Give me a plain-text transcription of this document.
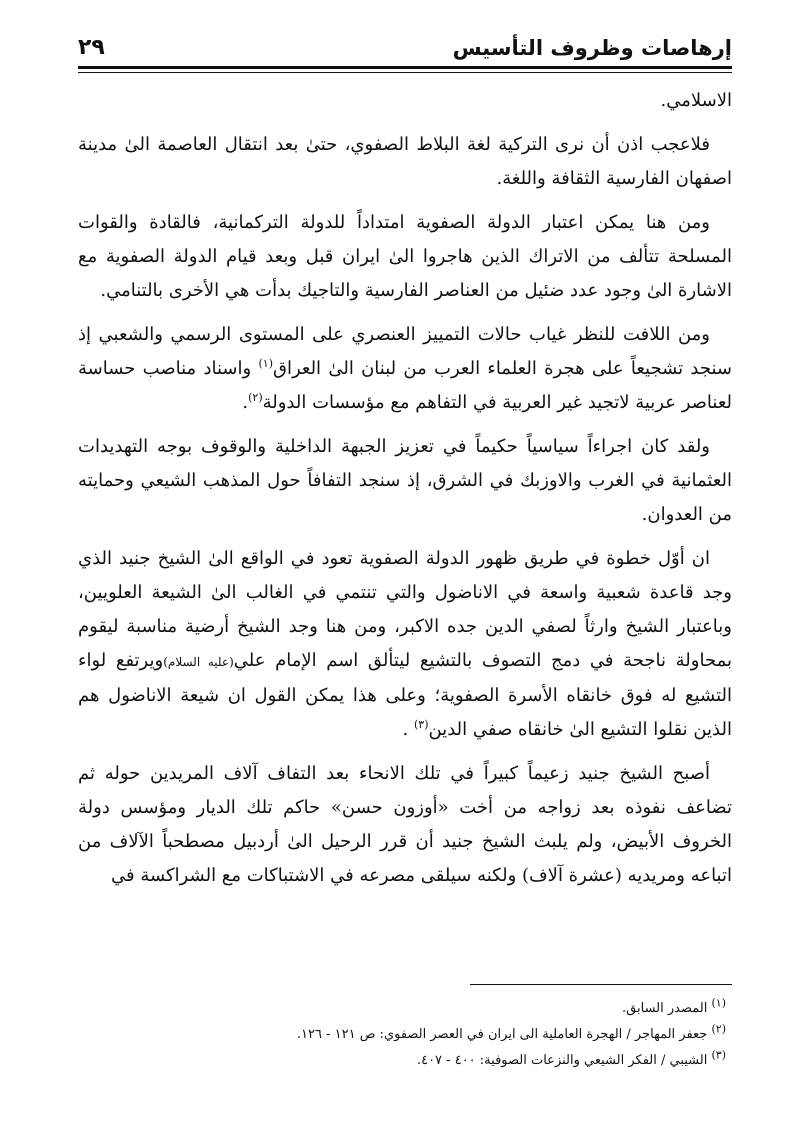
إرهاصات وظروف التأسيس
٢٩

الاسلامي.

فلاعجب اذن أن نرى التركية لغة البلاط الصفوي، حتىٰ بعد انتقال العاصمة الىٰ مدينة اصفهان الفارسية الثقافة واللغة.

ومن هنا يمكن اعتبار الدولة الصفوية امتداداً للدولة التركمانية، فالقادة والقوات المسلحة تتألف من الاتراك الذين هاجروا الىٰ ايران قبل وبعد قيام الدولة الصفوية مع الاشارة الىٰ وجود عدد ضئيل من العناصر الفارسية والتاجيك بدأت هي الأخرى بالتنامي.

ومن اللافت للنظر غياب حالات التمييز العنصري على المستوى الرسمي والشعبي إذ سنجد تشجيعاً على هجرة العلماء العرب من لبنان الىٰ العراق$^{(١)}$ واسناد مناصب حساسة لعناصر عربية لاتجيد غير العربية في التفاهم مع مؤسسات الدولة$^{(٢)}$.

ولقد كان اجراءاً سياسياً حكيماً في تعزيز الجبهة الداخلية والوقوف بوجه التهديدات العثمانية في الغرب والاوزبك في الشرق، إذ سنجد التفافاً حول المذهب الشيعي وحمايته من العدوان.

ان أوّل خطوة في طريق ظهور الدولة الصفوية تعود في الواقع الىٰ الشيخ جنيد الذي وجد قاعدة شعبية واسعة في الاناضول والتي تنتمي في الغالب الىٰ الشيعة العلويين، وباعتبار الشيخ وارثاً لصفي الدين جده الاكبر، ومن هنا وجد الشيخ أرضية مناسبة ليقوم بمحاولة ناجحة في دمج التصوف بالتشيع ليتألق اسم الإمام علي(عليه السلام)ويرتفع لواء التشيع له فوق خانقاه الأسرة الصفوية؛ وعلى هذا يمكن القول ان شيعة الاناضول هم الذين نقلوا التشيع الىٰ خانقاه صفي الدين$^{(٣)}$ .

أصبح الشيخ جنيد زعيماً كبيراً في تلك الانحاء بعد التفاف آلاف المريدين حوله ثم تضاعف نفوذه بعد زواجه من أخت «أوزون حسن» حاكم تلك الديار ومؤسس دولة الخروف الأبيض، ولم يلبث الشيخ جنيد أن قرر الرحيل الىٰ أردبيل مصطحباً الآلاف من اتباعه ومريديه (عشرة آلاف) ولكنه سيلقى مصرعه في الاشتباكات مع الشراكسة في

$^{(١)}$ المصدر السابق.

$^{(٢)}$ جعفر المهاجر / الهجرة العاملية الى ايران في العصر الصفوي: ص ١٢١ - ١٢٦.

$^{(٣)}$ الشيبي / الفكر الشيعي والنزعات الصوفية: ٤٠٠ - ٤٠٧.
